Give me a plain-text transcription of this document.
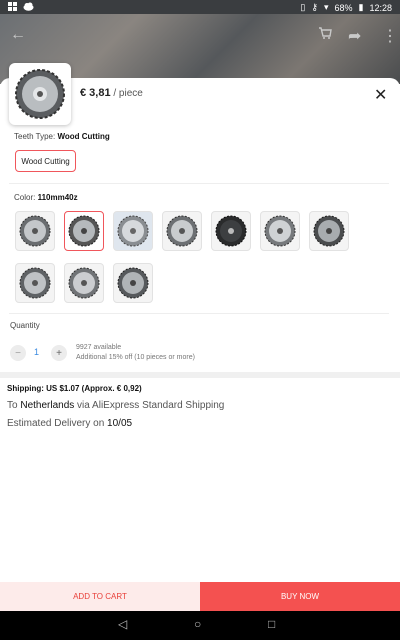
▯ ⚷ ▾ 68% ▮ 12:28
←	➦ ⋮
€ 3,81 / piece	✕
Teeth Type: Wood Cutting
Wood Cutting
Color: 110mm40z
Quantity
−	1	+	9927 available
Additional 15% off (10 pieces or more)
Shipping: US $1.07 (Approx. € 0,92)
To Netherlands via AliExpress Standard Shipping
Estimated Delivery on 10/05
ADD TO CART	BUY NOW
◁	○	□
